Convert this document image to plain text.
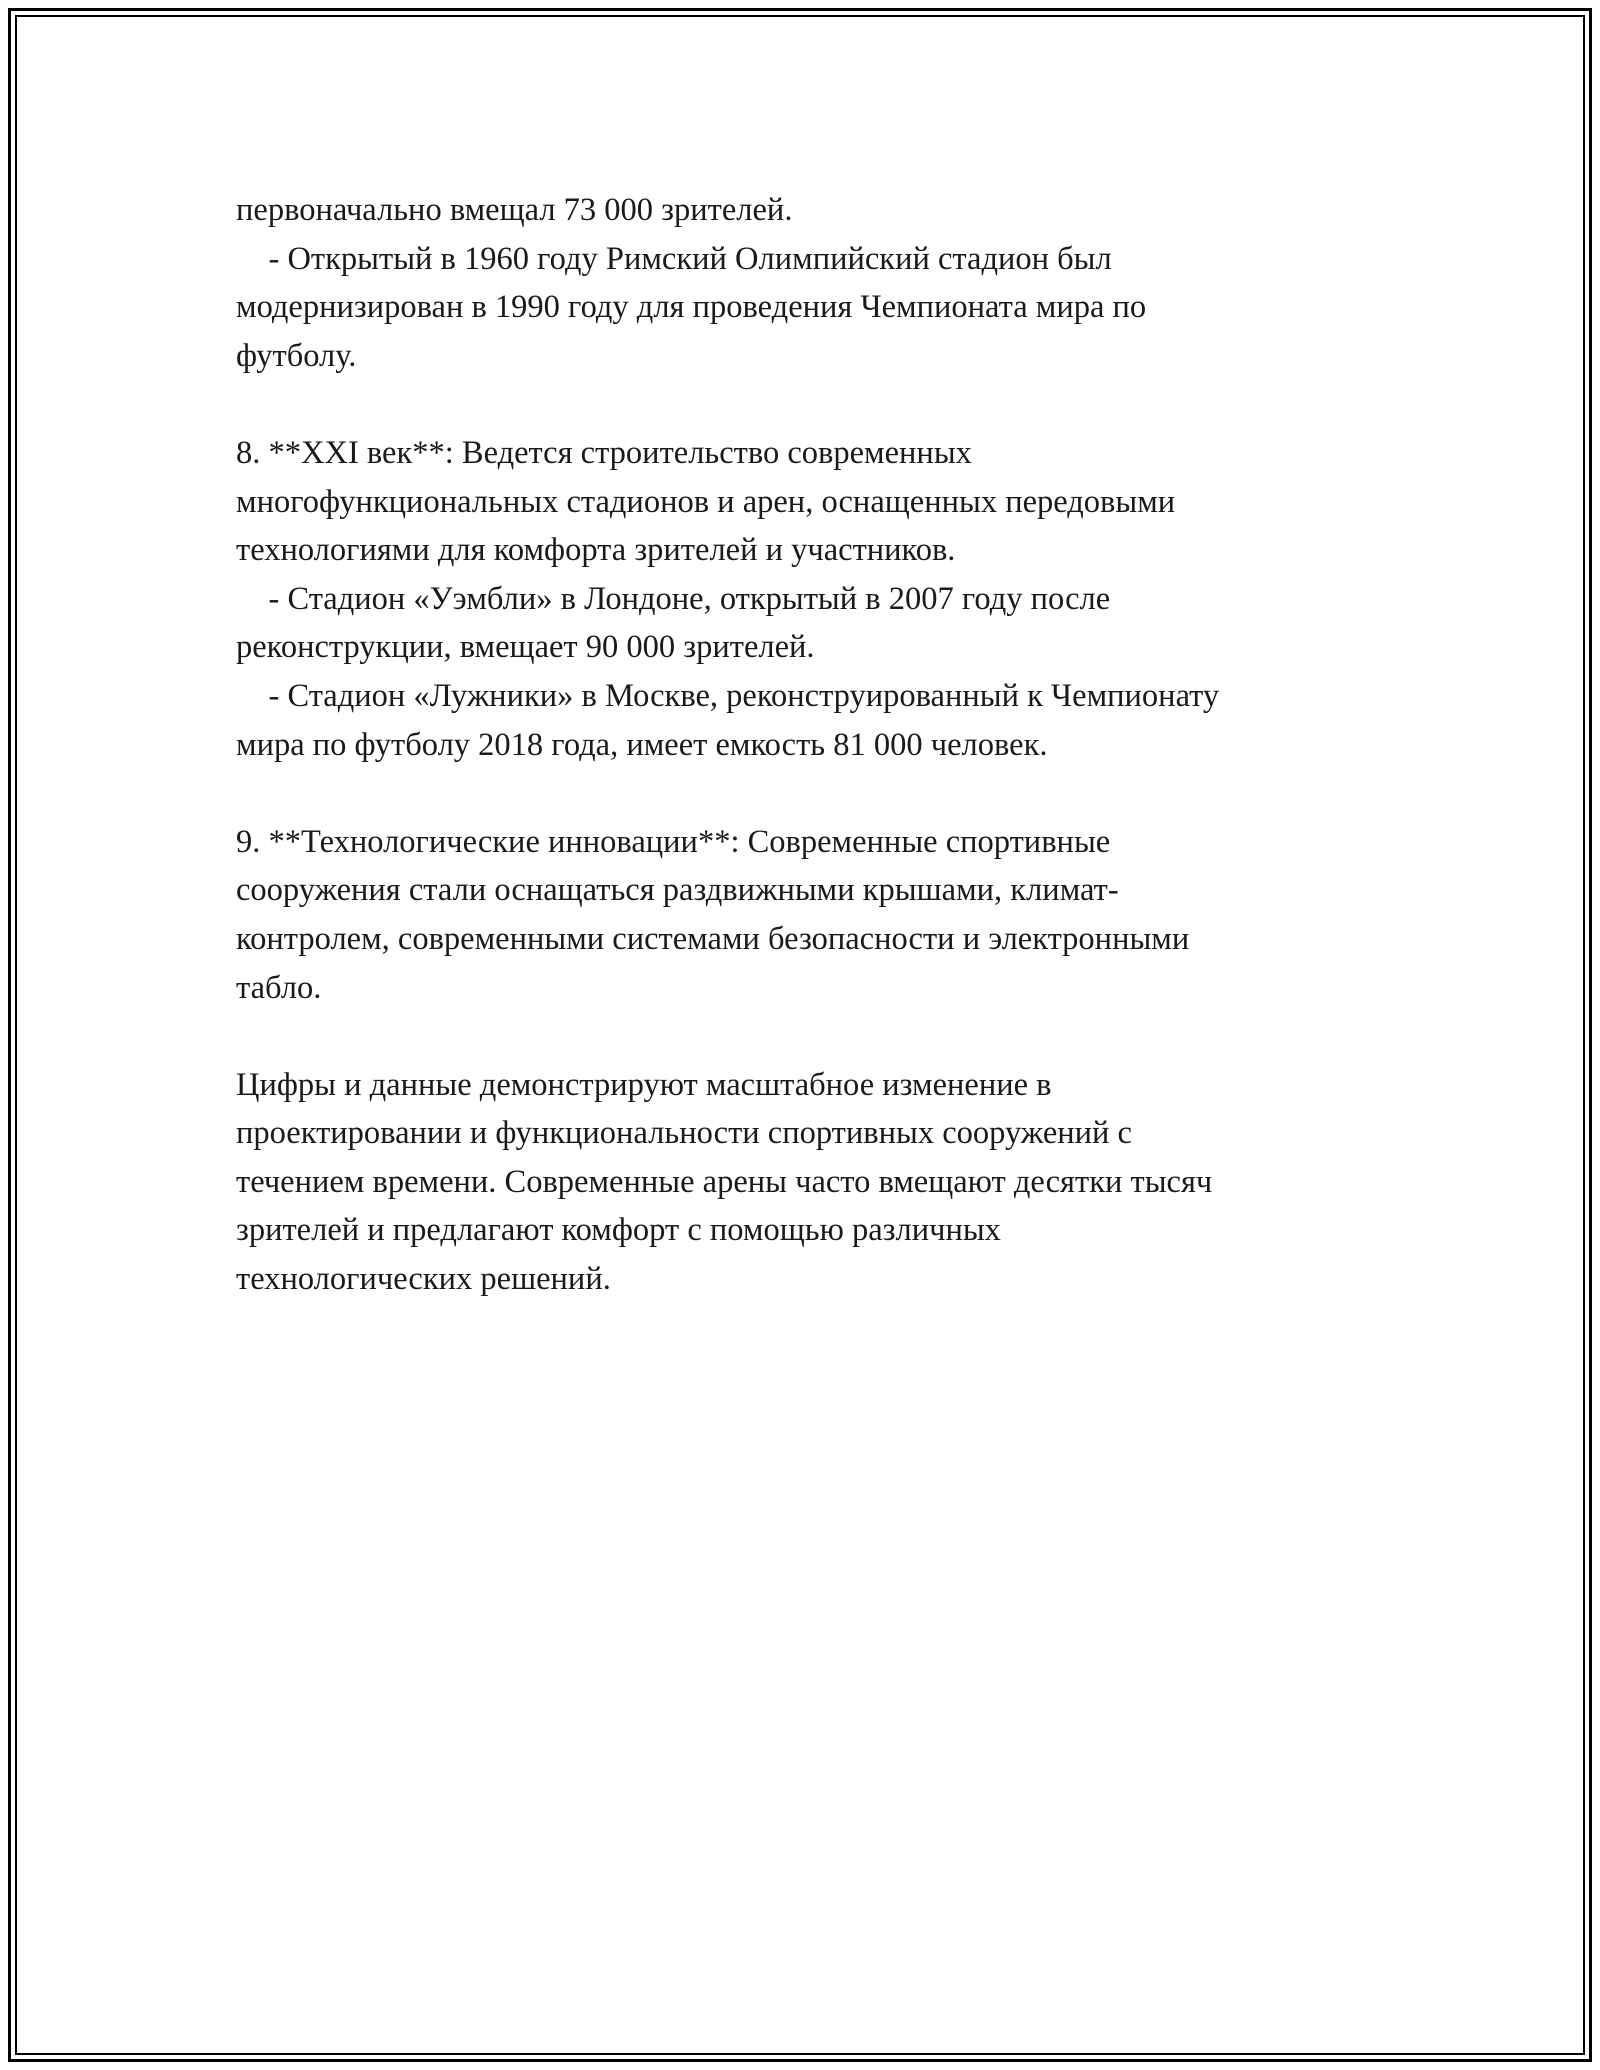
первоначально вмещал 73 000 зрителей.
- Открытый в 1960 году Римский Олимпийский стадион был
модернизирован в 1990 году для проведения Чемпионата мира по
футболу.
8. **XXI век**: Ведется строительство современных
многофункциональных стадионов и арен, оснащенных передовыми
технологиями для комфорта зрителей и участников.
- Стадион «Уэмбли» в Лондоне, открытый в 2007 году после
реконструкции, вмещает 90 000 зрителей.
- Стадион «Лужники» в Москве, реконструированный к Чемпионату
мира по футболу 2018 года, имеет емкость 81 000 человек.
9. **Технологические инновации**: Современные спортивные
сооружения стали оснащаться раздвижными крышами, климат-
контролем, современными системами безопасности и электронными
табло.
Цифры и данные демонстрируют масштабное изменение в
проектировании и функциональности спортивных сооружений с
течением времени. Современные арены часто вмещают десятки тысяч
зрителей и предлагают комфорт с помощью различных
технологических решений.
